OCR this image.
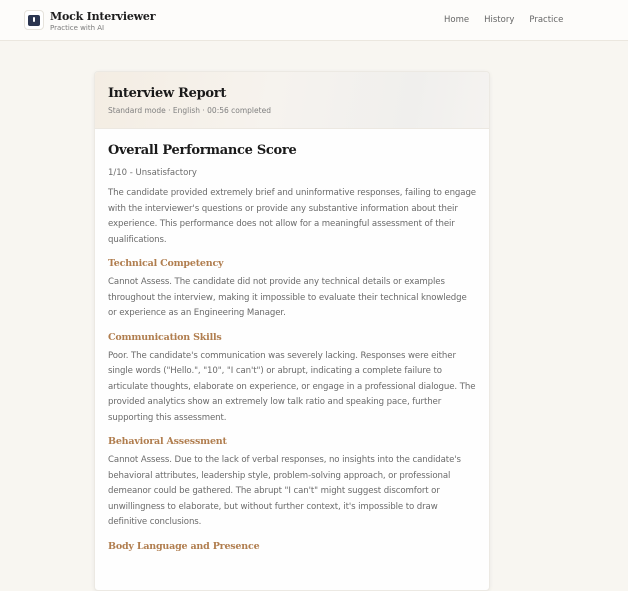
Mock Interviewer
Practice with AI
Home History Practice
Interview Report
Standard mode · English · 00:56 completed
Overall Performance Score
1/10 - Unsatisfactory
The candidate provided extremely brief and uninformative responses, failing to engage with the interviewer's questions or provide any substantive information about their experience. This performance does not allow for a meaningful assessment of their qualifications.
Technical Competency
Cannot Assess. The candidate did not provide any technical details or examples throughout the interview, making it impossible to evaluate their technical knowledge or experience as an Engineering Manager.
Communication Skills
Poor. The candidate's communication was severely lacking. Responses were either single words ("Hello.", "10", "I can't") or abrupt, indicating a complete failure to articulate thoughts, elaborate on experience, or engage in a professional dialogue. The provided analytics show an extremely low talk ratio and speaking pace, further supporting this assessment.
Behavioral Assessment
Cannot Assess. Due to the lack of verbal responses, no insights into the candidate's behavioral attributes, leadership style, problem-solving approach, or professional demeanor could be gathered. The abrupt "I can't" might suggest discomfort or unwillingness to elaborate, but without further context, it's impossible to draw definitive conclusions.
Body Language and Presence
